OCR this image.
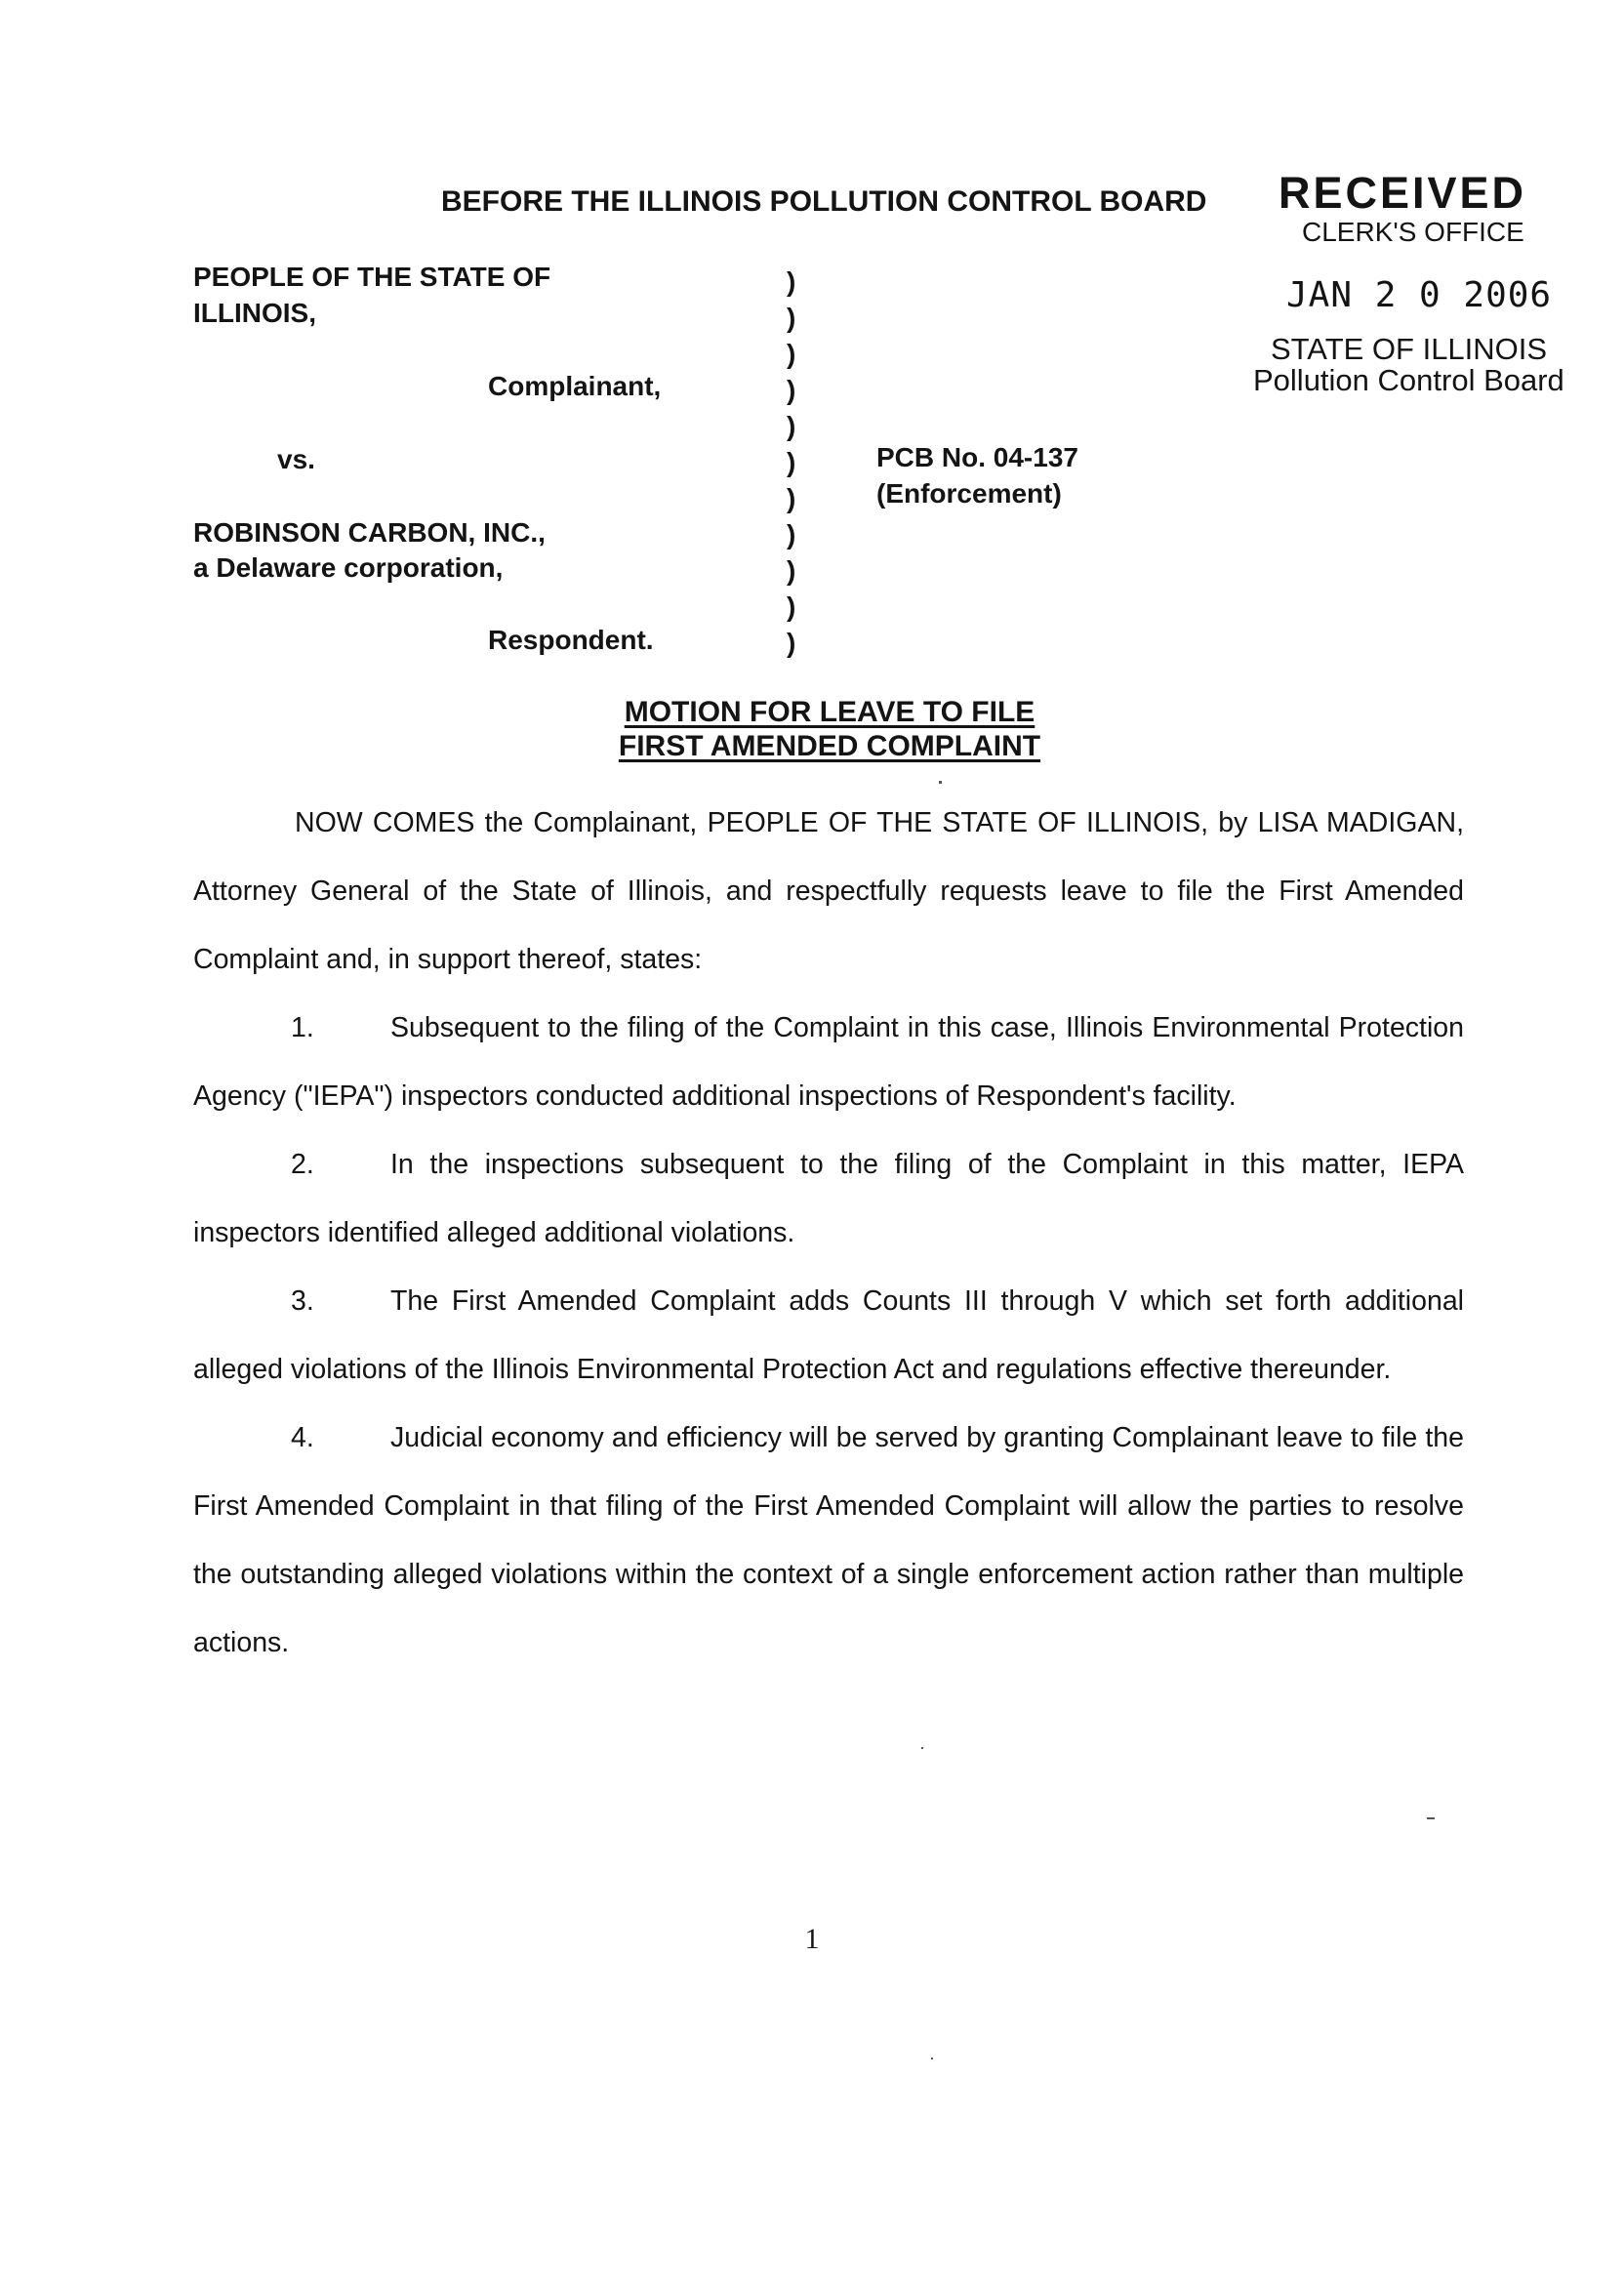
BEFORE THE ILLINOIS POLLUTION CONTROL BOARD RECEIVED
CLERK'S OFFICE
JAN 2 0 2006
STATE OF ILLINOIS
Pollution Control Board
PEOPLE OF THE STATE OF
ILLINOIS,
Complainant,
vs.
ROBINSON CARBON, INC.,
a Delaware corporation,
Respondent.
)
)
)
)
)
)
)
)
)
)
)
PCB No. 04-137
(Enforcement)
MOTION FOR LEAVE TO FILE
FIRST AMENDED COMPLAINT
NOW COMES the Complainant, PEOPLE OF THE STATE OF ILLINOIS, by LISA MADIGAN, Attorney General of the State of Illinois, and respectfully requests leave to file the First Amended Complaint and, in support thereof, states:
1.	Subsequent to the filing of the Complaint in this case, Illinois Environmental Protection Agency ("IEPA") inspectors conducted additional inspections of Respondent's facility.
2.	In the inspections subsequent to the filing of the Complaint in this matter, IEPA inspectors identified alleged additional violations.
3.	The First Amended Complaint adds Counts III through V which set forth additional alleged violations of the Illinois Environmental Protection Act and regulations effective thereunder.
4.	Judicial economy and efficiency will be served by granting Complainant leave to file the First Amended Complaint in that filing of the First Amended Complaint will allow the parties to resolve the outstanding alleged violations within the context of a single enforcement action rather than multiple actions.
1
